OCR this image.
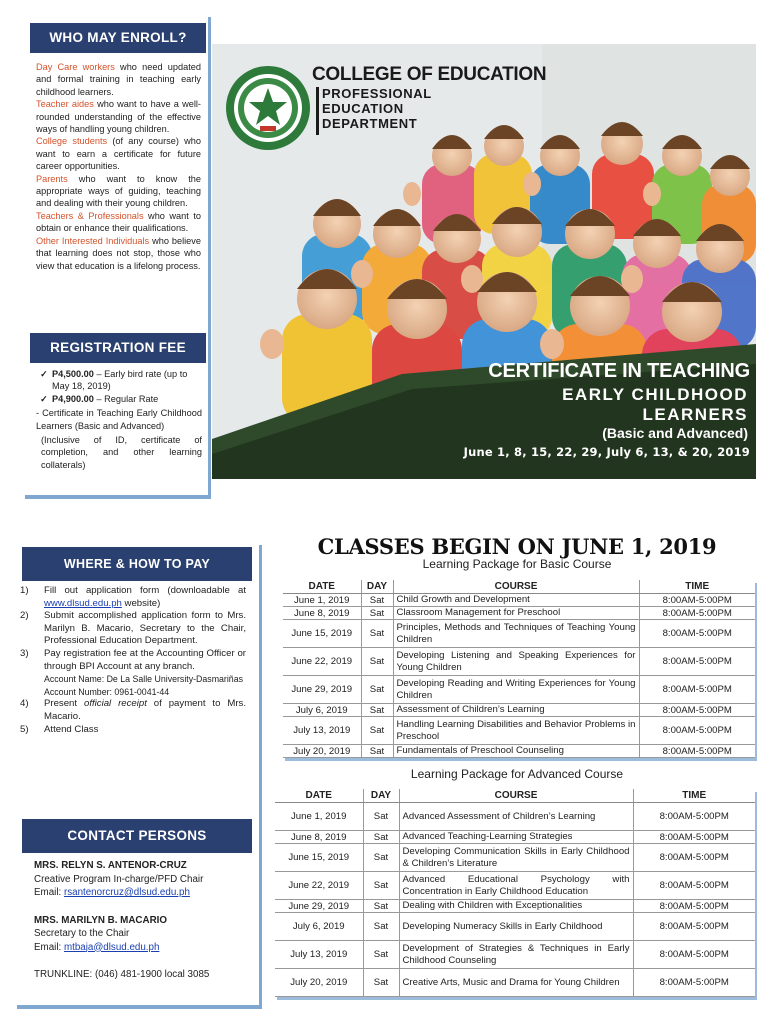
WHO MAY ENROLL?

Day Care workers who need updated and formal training in teaching early childhood learners.

Teacher aides who want to have a well-rounded understanding of the effective ways of handling young children.

College students (of any course) who want to earn a certificate for future career opportunities.

Parents who want to know the appropriate ways of guiding, teaching and dealing with their young children.

Teachers & Professionals who want to obtain or enhance their qualifications.

Other Interested Individuals who believe that learning does not stop, those who view that education is a lifelong process.

REGISTRATION FEE
✓ P4,500.00 – Early bird rate (up to May 18, 2019)
✓ P4,900.00 – Regular Rate
- Certificate in Teaching Early Childhood Learners (Basic and Advanced)
(Inclusive of ID, certificate of completion, and other learning collaterals)
COLLEGE OF EDUCATION
PROFESSIONAL
EDUCATION
DEPARTMENT
CERTIFICATE IN TEACHING
EARLY CHILDHOOD
LEARNERS
(Basic and Advanced)
June 1, 8, 15, 22, 29, July 6, 13, & 20, 2019
WHERE & HOW TO PAY
1)	Fill out application form (downloadable at www.dlsud.edu.ph website)
2)	Submit accomplished application form to Mrs. Marilyn B. Macario, Secretary to the Chair, Professional Education Department.
3)	Pay registration fee at the Accounting Officer or through BPI Account at any branch.
Account Name: De La Salle University-Dasmariñas
Account Number: 0961-0041-44
4)	Present official receipt of payment to Mrs. Macario.
5)	Attend Class
CONTACT PERSONS
MRS. RELYN S. ANTENOR-CRUZ
Creative Program In-charge/PFD Chair
Email: rsantenorcruz@dlsud.edu.ph
MRS. MARILYN B. MACARIO
Secretary to the Chair
Email: mtbaja@dlsud.edu.ph
TRUNKLINE: (046) 481-1900 local 3085
CLASSES BEGIN ON JUNE 1, 2019
Learning Package for Basic Course
DATE	DAY	COURSE	TIME
June 1, 2019	Sat	Child Growth and Development	8:00AM-5:00PM
June 8, 2019	Sat	Classroom Management for Preschool	8:00AM-5:00PM
June 15, 2019	Sat	Principles, Methods and Techniques of Teaching Young Children	8:00AM-5:00PM
June 22, 2019	Sat	Developing Listening and Speaking Experiences for Young Children	8:00AM-5:00PM
June 29, 2019	Sat	Developing Reading and Writing Experiences for Young Children	8:00AM-5:00PM
July 6, 2019	Sat	Assessment of Children’s Learning	8:00AM-5:00PM
July 13, 2019	Sat	Handling Learning Disabilities and Behavior Problems in Preschool	8:00AM-5:00PM
July 20, 2019	Sat	Fundamentals of Preschool Counseling	8:00AM-5:00PM
Learning Package for Advanced Course
DATE	DAY	COURSE	TIME
June 1, 2019	Sat	Advanced Assessment of Children’s Learning	8:00AM-5:00PM
June 8, 2019	Sat	Advanced Teaching-Learning Strategies	8:00AM-5:00PM
June 15, 2019	Sat	Developing Communication Skills in Early Childhood & Children’s Literature	8:00AM-5:00PM
June 22, 2019	Sat	Advanced Educational Psychology with Concentration in Early Childhood Education	8:00AM-5:00PM
June 29, 2019	Sat	Dealing with Children with Exceptionalities	8:00AM-5:00PM
July 6, 2019	Sat	Developing Numeracy Skills in Early Childhood	8:00AM-5:00PM
July 13, 2019	Sat	Development of Strategies & Techniques in Early Childhood Counseling	8:00AM-5:00PM
July 20, 2019	Sat	Creative Arts, Music and Drama for Young Children	8:00AM-5:00PM
